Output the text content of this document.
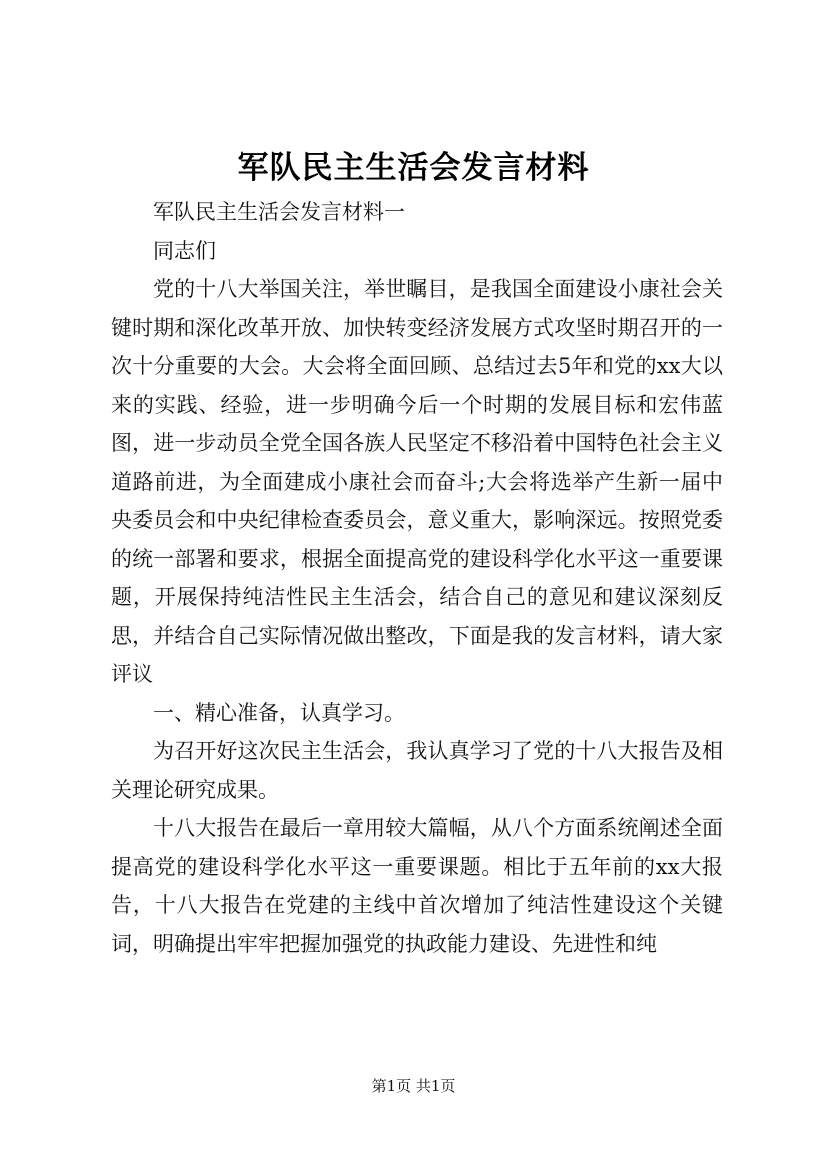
军队民主生活会发言材料

军队民主生活会发言材料一

同志们

党的十八大举国关注，举世瞩目，是我国全面建设小康社会关键时期和深化改革开放、加快转变经济发展方式攻坚时期召开的一次十分重要的大会。大会将全面回顾、总结过去5年和党的xx大以来的实践、经验，进一步明确今后一个时期的发展目标和宏伟蓝图，进一步动员全党全国各族人民坚定不移沿着中国特色社会主义道路前进，为全面建成小康社会而奋斗;大会将选举产生新一届中央委员会和中央纪律检查委员会，意义重大，影响深远。按照党委的统一部署和要求，根据全面提高党的建设科学化水平这一重要课题，开展保持纯洁性民主生活会，结合自己的意见和建议深刻反思，并结合自己实际情况做出整改，下面是我的发言材料，请大家评议

一、精心准备，认真学习。

为召开好这次民主生活会，我认真学习了党的十八大报告及相关理论研究成果。

十八大报告在最后一章用较大篇幅，从八个方面系统阐述全面提高党的建设科学化水平这一重要课题。相比于五年前的xx大报告，十八大报告在党建的主线中首次增加了纯洁性建设这个关键词，明确提出牢牢把握加强党的执政能力建设、先进性和纯

第1页 共1页
